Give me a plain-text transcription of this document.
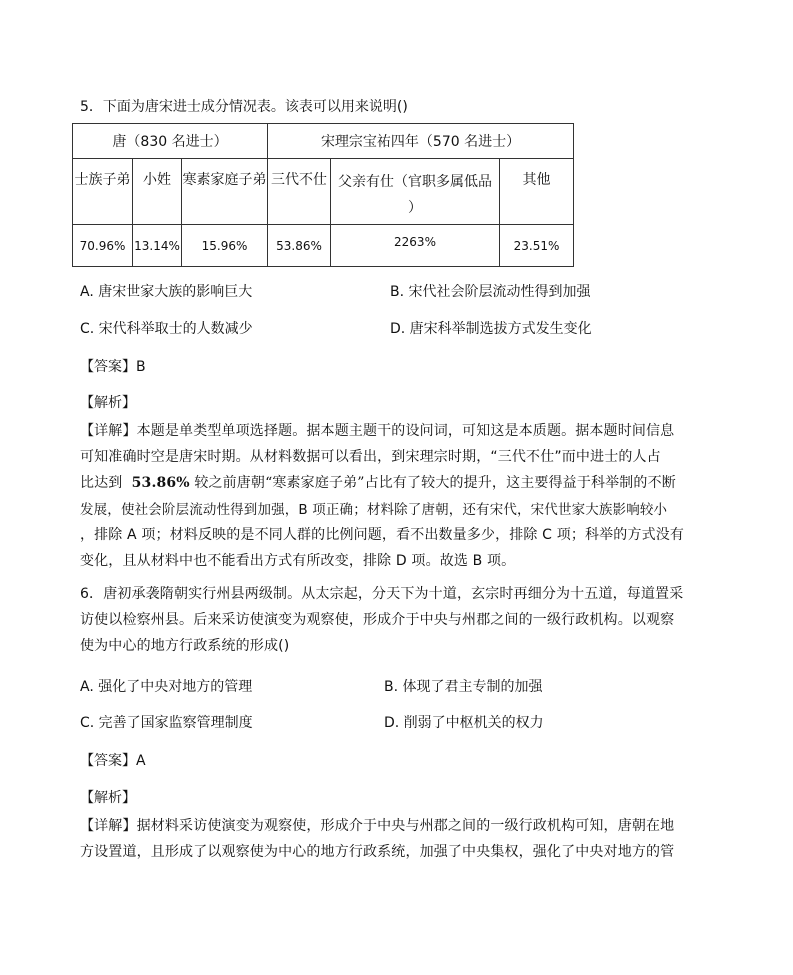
5．下面为唐宋进士成分情况表。该表可以用来说明()
唐（830 名进士）			宋理宗宝祐四年（570 名进士）		
士族子弟	小姓	寒素家庭子弟	三代不仕	父亲有仕（官职多属低品
）	其他
70.96%	13.14%	15.96%	53.86%	2263%	23.51%
A. 唐宋世家大族的影响巨大	B. 宋代社会阶层流动性得到加强
C. 宋代科举取士的人数减少	D. 唐宋科举制选拔方式发生变化
【答案】B
【解析】
【详解】本题是单类型单项选择题。据本题主题干的设问词，可知这是本质题。据本题时间信息
可知准确时空是唐宋时期。从材料数据可以看出，到宋理宗时期，“三代不仕”而中进士的人占
比达到 53.86% 较之前唐朝“寒素家庭子弟”占比有了较大的提升，这主要得益于科举制的不断
发展，使社会阶层流动性得到加强，B 项正确；材料除了唐朝，还有宋代，宋代世家大族影响较小
，排除 A 项；材料反映的是不同人群的比例问题，看不出数量多少，排除 C 项；科举的方式没有
变化，且从材料中也不能看出方式有所改变，排除 D 项。故选 B 项。
6．唐初承袭隋朝实行州县两级制。从太宗起，分天下为十道，玄宗时再细分为十五道，每道置采
访使以检察州县。后来采访使演变为观察使，形成介于中央与州郡之间的一级行政机构。以观察
使为中心的地方行政系统的形成()
A. 强化了中央对地方的管理	B. 体现了君主专制的加强
C. 完善了国家监察管理制度	D. 削弱了中枢机关的权力
【答案】A
【解析】
【详解】据材料采访使演变为观察使，形成介于中央与州郡之间的一级行政机构可知，唐朝在地
方设置道，且形成了以观察使为中心的地方行政系统，加强了中央集权，强化了中央对地方的管
